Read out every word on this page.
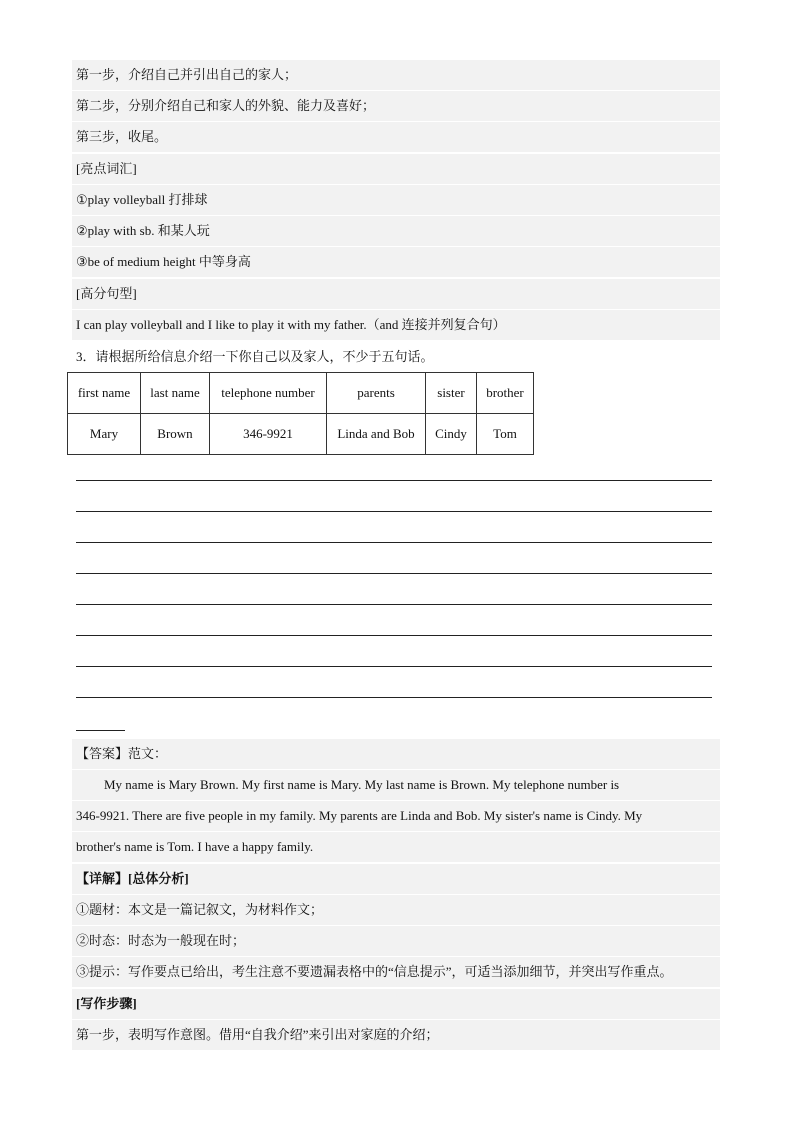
第一步，介绍自己并引出自己的家人；
第二步，分别介绍自己和家人的外貌、能力及喜好；
第三步，收尾。
[亮点词汇]
①play volleyball 打排球
②play with sb. 和某人玩
③be of medium height 中等身高
[高分句型]
I can play volleyball and I like to play it with my father.（and 连接并列复合句）
3．请根据所给信息介绍一下你自己以及家人，不少于五句话。
first name	last name	telephone number	parents	sister	brother
Mary	Brown	346-9921	Linda and Bob	Cindy	Tom
【答案】范文：
My name is Mary Brown. My first name is Mary. My last name is Brown. My telephone number is
346-9921. There are five people in my family. My parents are Linda and Bob. My sister's name is Cindy. My
brother's name is Tom. I have a happy family.
【详解】[总体分析]
①题材：本文是一篇记叙文，为材料作文；
②时态：时态为一般现在时；
③提示：写作要点已给出，考生注意不要遗漏表格中的“信息提示”，可适当添加细节，并突出写作重点。
[写作步骤]
第一步，表明写作意图。借用“自我介绍”来引出对家庭的介绍；
